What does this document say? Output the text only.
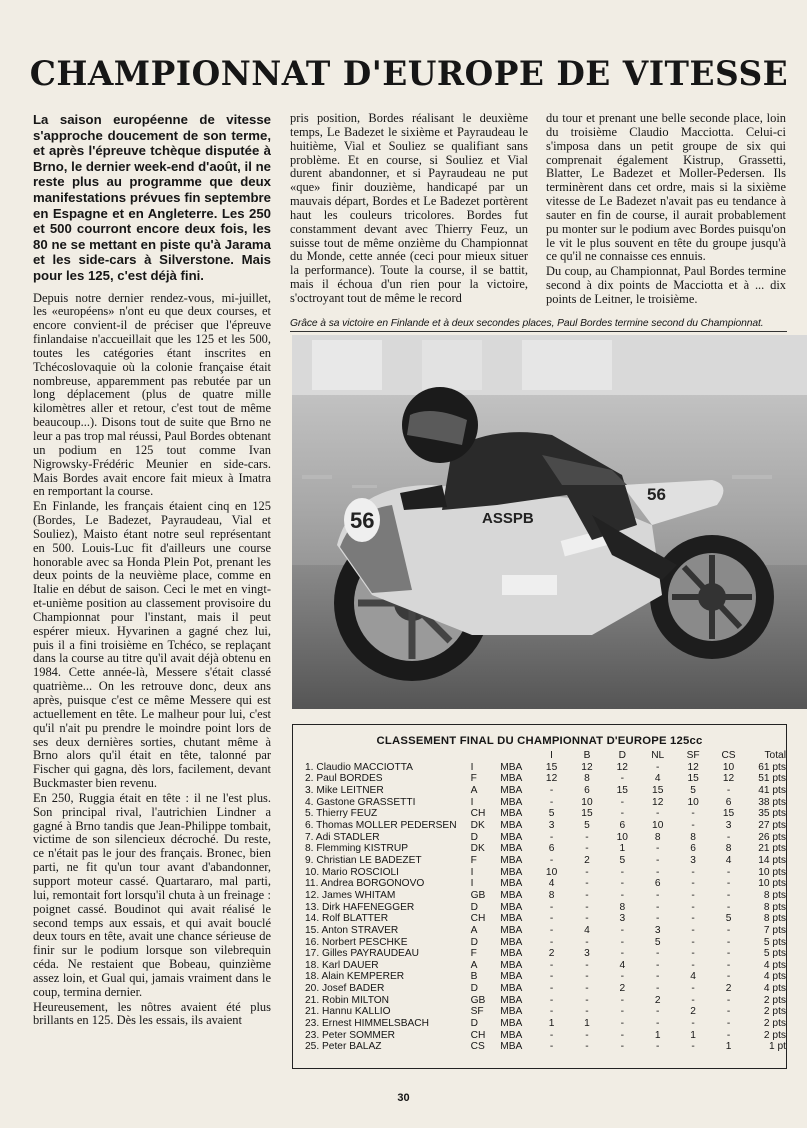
CHAMPIONNAT D'EUROPE DE VITESSE
La saison européenne de vitesse s'approche doucement de son terme, et après l'épreuve tchèque disputée à Brno, le dernier week-end d'août, il ne reste plus au programme que deux manifestations prévues fin septembre en Espagne et en Angleterre. Les 250 et 500 courront encore deux fois, les 80 ne se mettant en piste qu'à Jarama et les side-cars à Silverstone. Mais pour les 125, c'est déjà fini.

Depuis notre dernier rendez-vous, mi-juillet, les «européens» n'ont eu que deux courses, et encore convient-il de préciser que l'épreuve finlandaise n'accueillait que les 125 et les 500, toutes les catégories étant inscrites en Tchécoslovaquie où la colonie française était nombreuse, apparemment pas rebutée par un long déplacement (plus de quatre mille kilomètres aller et retour, c'est tout de même beaucoup...). Disons tout de suite que Brno ne leur a pas trop mal réussi, Paul Bordes obtenant un podium en 125 tout comme Ivan Nigrowsky-Frédéric Meunier en side-cars. Mais Bordes avait encore fait mieux à Imatra en remportant la course.

En Finlande, les français étaient cinq en 125 (Bordes, Le Badezet, Payraudeau, Vial et Souliez), Maisto étant notre seul représentant en 500. Louis-Luc fit d'ailleurs une course honorable avec sa Honda Plein Pot, prenant les deux points de la neuvième place, comme en Italie en début de saison. Ceci le met en vingt-et-unième position au classement provisoire du Championnat pour l'instant, mais il peut espérer mieux. Hyvarinen a gagné chez lui, puis il a fini troisième en Tchéco, se replaçant dans la course au titre qu'il avait déjà obtenu en 1984. Cette année-là, Messere s'était classé quatrième... On les retrouve donc, deux ans après, puisque c'est ce même Messere qui est actuellement en tête. Le malheur pour lui, c'est qu'il n'ait pu prendre le moindre point lors de ses deux dernières sorties, chutant même à Brno alors qu'il était en tête, talonné par Fischer qui gagna, dès lors, facilement, devant Buckmaster bien revenu.

En 250, Ruggia était en tête : il ne l'est plus. Son principal rival, l'autrichien Lindner a gagné à Brno tandis que Jean-Philippe tombait, victime de son silencieux décroché. Du reste, ce n'était pas le jour des français. Bronec, bien parti, ne fit qu'un tour avant d'abandonner, support moteur cassé. Quartararo, mal parti, lui, remontait fort lorsqu'il chuta à un freinage : poignet cassé. Boudinot qui avait réalisé le second temps aux essais, et qui avait bouclé deux tours en tête, avait une chance sérieuse de finir sur le podium lorsque son vilebrequin céda. Ne restaient que Bobeau, quinzième assez loin, et Gual qui, jamais vraiment dans le coup, termina dernier.

Heureusement, les nôtres avaient été plus brillants en 125. Dès les essais, ils avaient

pris position, Bordes réalisant le deuxième temps, Le Badezet le sixième et Payraudeau le huitième, Vial et Souliez se qualifiant sans problème. Et en course, si Souliez et Vial durent abandonner, et si Payraudeau ne put «que» finir douzième, handicapé par un mauvais départ, Bordes et Le Badezet portèrent haut les couleurs tricolores. Bordes fut constamment devant avec Thierry Feuz, un suisse tout de même onzième du Championnat du Monde, cette année (ceci pour mieux situer la performance). Toute la course, il se battit, mais il échoua d'un rien pour la victoire, s'octroyant tout de même le record

du tour et prenant une belle seconde place, loin du troisième Claudio Macciotta. Celui-ci s'imposa dans un petit groupe de six qui comprenait également Kistrup, Grassetti, Blatter, Le Badezet et Moller-Pedersen. Ils terminèrent dans cet ordre, mais si la sixième vitesse de Le Badezet n'avait pas eu tendance à sauter en fin de course, il aurait probablement pu monter sur le podium avec Bordes puisqu'on le vit le plus souvent en tête du groupe jusqu'à ce qu'il ne connaisse ces ennuis.

Du coup, au Championnat, Paul Bordes termine second à dix points de Macciotta et à ... dix points de Leitner, le troisième.

Grâce à sa victoire en Finlande et à deux secondes places, Paul Bordes termine second du Championnat.
56	ASSPB
56
CLASSEMENT FINAL DU CHAMPIONNAT D'EUROPE 125cc
			I	B	D	NL	SF	CS	Total
1. Claudio MACCIOTTA	I	MBA	15	12	12	-	12	10	61 pts
2. Paul BORDES	F	MBA	12	8	-	4	15	12	51 pts
3. Mike LEITNER	A	MBA	-	6	15	15	5	-	41 pts
4. Gastone GRASSETTI	I	MBA	-	10	-	12	10	6	38 pts
5. Thierry FEUZ	CH	MBA	5	15	-	-	-	15	35 pts
6. Thomas MOLLER PEDERSEN	DK	MBA	3	5	6	10	-	3	27 pts
7. Adi STADLER	D	MBA	-	-	10	8	8	-	26 pts
8. Flemming KISTRUP	DK	MBA	6	-	1	-	6	8	21 pts
9. Christian LE BADEZET	F	MBA	-	2	5	-	3	4	14 pts
10. Mario ROSCIOLI	I	MBA	10	-	-	-	-	-	10 pts
11. Andrea BORGONOVO	I	MBA	4	-	-	6	-	-	10 pts
12. James WHITAM	GB	MBA	8	-	-	-	-	-	8 pts
13. Dirk HAFENEGGER	D	MBA	-	-	8	-	-	-	8 pts
14. Rolf BLATTER	CH	MBA	-	-	3	-	-	5	8 pts
15. Anton STRAVER	A	MBA	-	4	-	3	-	-	7 pts
16. Norbert PESCHKE	D	MBA	-	-	-	5	-	-	5 pts
17. Gilles PAYRAUDEAU	F	MBA	2	3	-	-	-	-	5 pts
18. Karl DAUER	A	MBA	-	-	4	-	-	-	4 pts
18. Alain KEMPERER	B	MBA	-	-	-	-	4	-	4 pts
20. Josef BADER	D	MBA	-	-	2	-	-	2	4 pts
21. Robin MILTON	GB	MBA	-	-	-	2	-	-	2 pts
21. Hannu KALLIO	SF	MBA	-	-	-	-	2	-	2 pts
23. Ernest HIMMELSBACH	D	MBA	1	1	-	-	-	-	2 pts
23. Peter SOMMER	CH	MBA	-	-	-	1	1	-	2 pts
25. Peter BALAZ	CS	MBA	-	-	-	-	-	1	1 pt
30
